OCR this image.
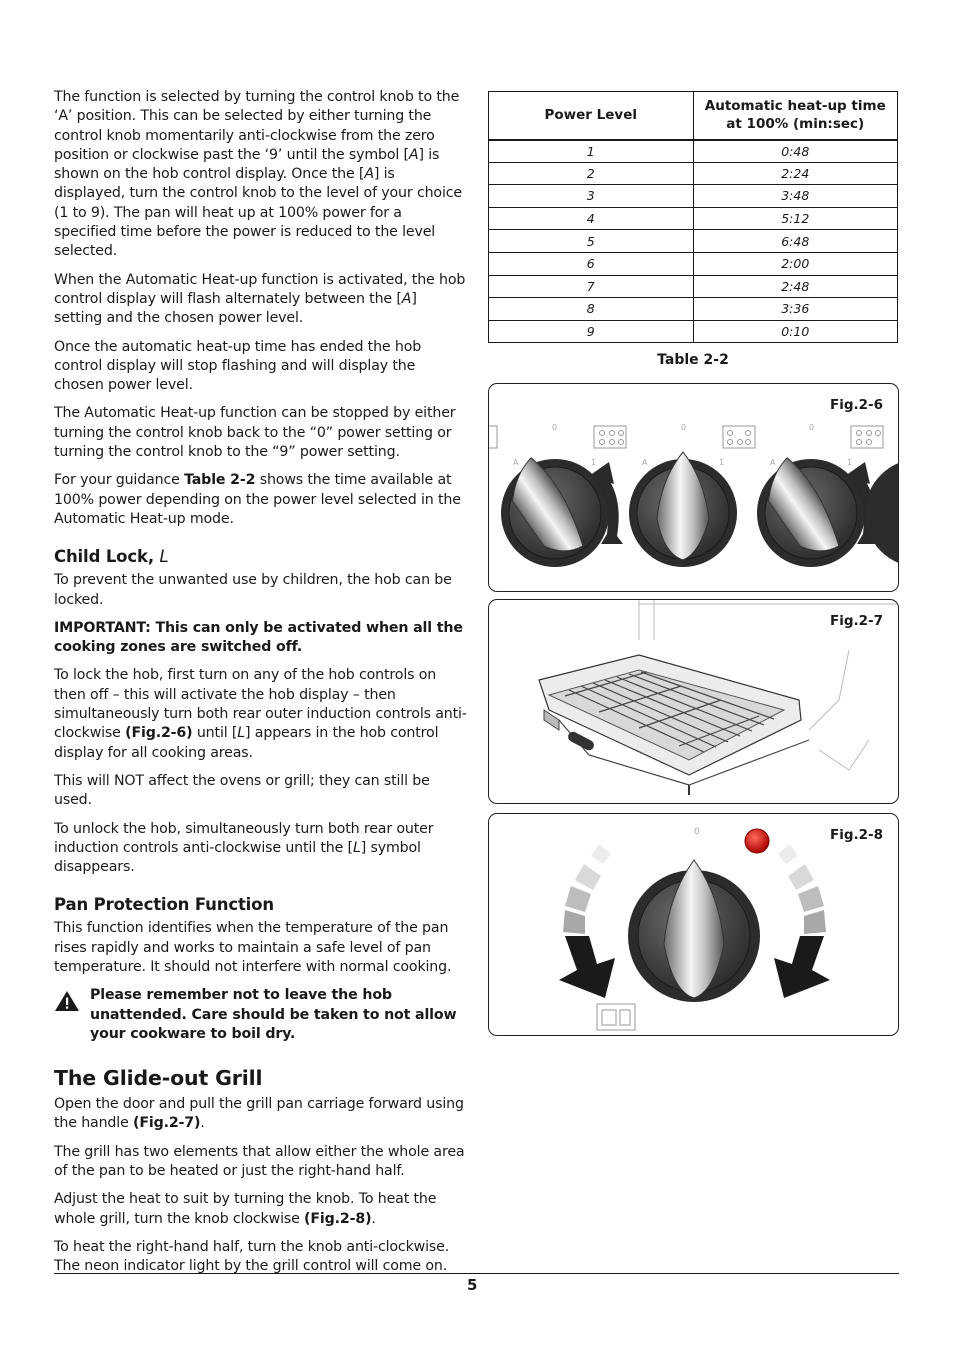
The function is selected by turning the control knob to the ‘A’ position. This can be selected by either turning the control knob momentarily anti-clockwise from the zero position or clockwise past the ‘9’ until the symbol [A] is shown on the hob control display. Once the [A] is displayed, turn the control knob to the level of your choice (1 to 9). The pan will heat up at 100% power for a specified time before the power is reduced to the level selected.

When the Automatic Heat-up function is activated, the hob control display will flash alternately between the [A] setting and the chosen power level.

Once the automatic heat-up time has ended the hob control display will stop flashing and will display the chosen power level.

The Automatic Heat-up function can be stopped by either turning the control knob back to the “0” power setting or turning the control knob to the “9” power setting.

For your guidance Table 2-2 shows the time available at 100% power depending on the power level selected in the Automatic Heat-up mode.

Child Lock, L

To prevent the unwanted use by children, the hob can be locked.

IMPORTANT: This can only be activated when all the cooking zones are switched off.

To lock the hob, first turn on any of the hob controls on then off – this will activate the hob display – then simultaneously turn both rear outer induction controls anti-clockwise (Fig.2-6) until [L] appears in the hob control display for all cooking areas.

This will NOT affect the ovens or grill; they can still be used.

To unlock the hob, simultaneously turn both rear outer induction controls anti-clockwise until the [L] symbol disappears.

Pan Protection Function

This function identifies when the temperature of the pan rises rapidly and works to maintain a safe level of pan temperature. It should not interfere with normal cooking.

Please remember not to leave the hob unattended. Care should be taken to not allow your cookware to boil dry.
The Glide-out Grill

Open the door and pull the grill pan carriage forward using the handle (Fig.2-7).

The grill has two elements that allow either the whole area of the pan to be heated or just the right-hand half.

Adjust the heat to suit by turning the knob. To heat the whole grill, turn the knob clockwise (Fig.2-8).

To heat the right-hand half, turn the knob anti-clockwise. The neon indicator light by the grill control will come on.

Power Level	Automatic heat-up time at 100% (min:sec)
1	0:48
2	2:24
3	3:48
4	5:12
5	6:48
6	2:00
7	2:48
8	3:36
9	0:10
Table 2-2
Fig.2-6
0	0	0
A	A	A
1	1	1
Fig.2-7
Fig.2-8
0
5
